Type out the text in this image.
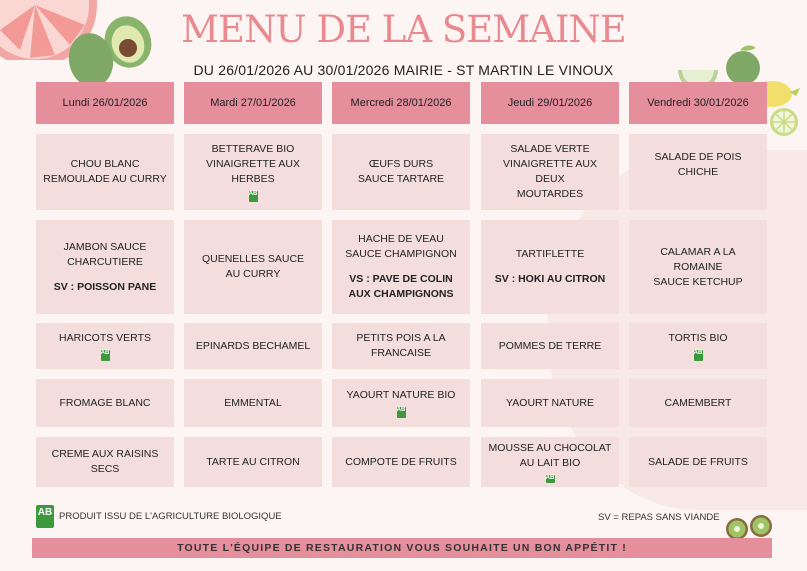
MENU DE LA SEMAINE
DU 26/01/2026 AU 30/01/2026 MAIRIE - ST MARTIN LE VINOUX
Lundi 26/01/2026
CHOU BLANC
REMOULADE AU CURRY
JAMBON SAUCE
CHARCUTIERE
SV : POISSON PANE
HARICOTS VERTS
AB
FROMAGE BLANC
CREME AUX RAISINS SECS
Mardi 27/01/2026
BETTERAVE BIO
VINAIGRETTE AUX HERBES
AB
QUENELLES SAUCE
AU CURRY
EPINARDS BECHAMEL
EMMENTAL
TARTE AU CITRON
Mercredi 28/01/2026
ŒUFS DURS
SAUCE TARTARE
HACHE DE VEAU
SAUCE CHAMPIGNON
VS : PAVE DE COLIN AUX CHAMPIGNONS
PETITS POIS A LA
FRANCAISE
YAOURT NATURE BIO
AB
COMPOTE DE FRUITS
Jeudi 29/01/2026
SALADE VERTE
VINAIGRETTE AUX DEUX
MOUTARDES
TARTIFLETTE
SV : HOKI AU CITRON
POMMES DE TERRE
YAOURT NATURE
MOUSSE AU CHOCOLAT
AU LAIT BIO
AB
Vendredi 30/01/2026
SALADE DE POIS CHICHE
CALAMAR A LA ROMAINE
SAUCE KETCHUP
TORTIS BIO
AB
CAMEMBERT
SALADE DE FRUITS
AB PRODUIT ISSU DE L'AGRICULTURE BIOLOGIQUE	SV = REPAS SANS VIANDE
TOUTE L'ÉQUIPE DE RESTAURATION VOUS SOUHAITE UN BON APPÉTIT !
